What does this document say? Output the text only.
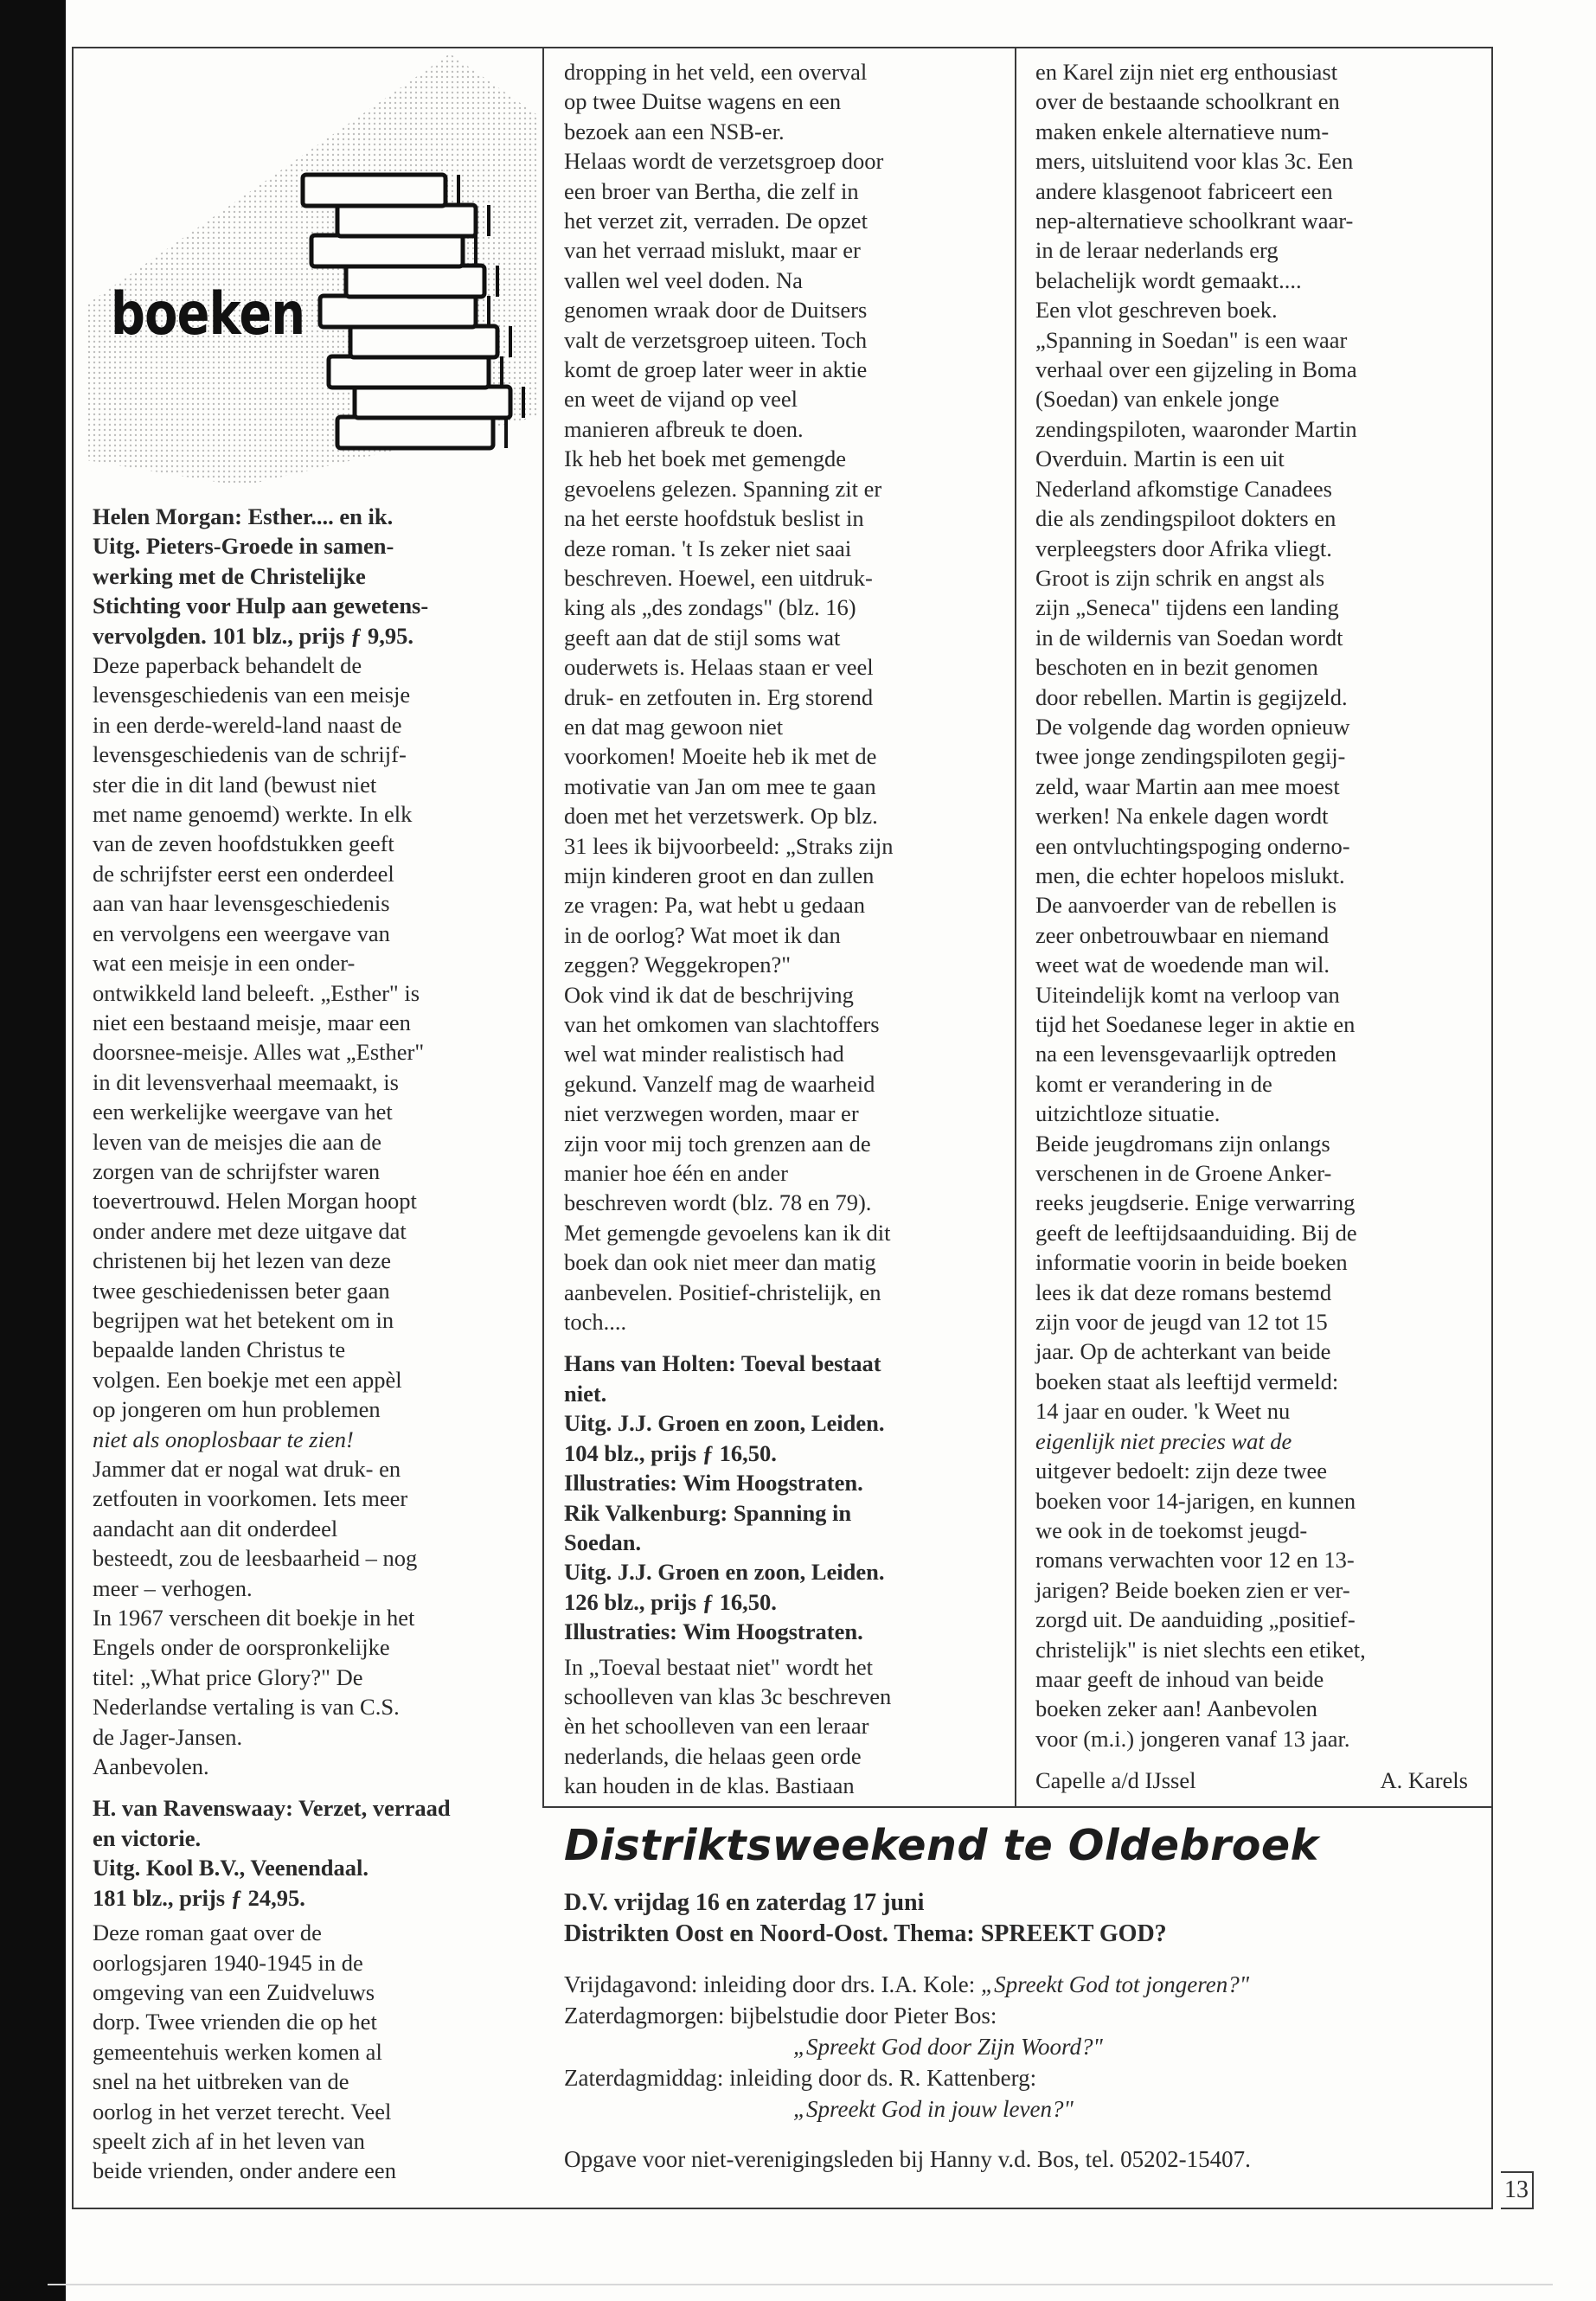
boeken

Helen Morgan: Esther.... en ik.

Uitg. Pieters-Groede in samen-

werking met de Christelijke

Stichting voor Hulp aan gewetens-

vervolgden. 101 blz., prijs ƒ 9,95.

Deze paperback behandelt de

levensgeschiedenis van een meisje

in een derde-wereld-land naast de

levensgeschiedenis van de schrijf-

ster die in dit land (bewust niet

met name genoemd) werkte. In elk

van de zeven hoofdstukken geeft

de schrijfster eerst een onderdeel

aan van haar levensgeschiedenis

en vervolgens een weergave van

wat een meisje in een onder-

ontwikkeld land beleeft. „Esther" is

niet een bestaand meisje, maar een

doorsnee-meisje. Alles wat „Esther"

in dit levensverhaal meemaakt, is

een werkelijke weergave van het

leven van de meisjes die aan de

zorgen van de schrijfster waren

toevertrouwd. Helen Morgan hoopt

onder andere met deze uitgave dat

christenen bij het lezen van deze

twee geschiedenissen beter gaan

begrijpen wat het betekent om in

bepaalde landen Christus te

volgen. Een boekje met een appèl

op jongeren om hun problemen

niet als onoplosbaar te zien!

Jammer dat er nogal wat druk- en

zetfouten in voorkomen. Iets meer

aandacht aan dit onderdeel

besteedt, zou de leesbaarheid – nog

meer – verhogen.

In 1967 verscheen dit boekje in het

Engels onder de oorspronkelijke

titel: „What price Glory?" De

Nederlandse vertaling is van C.S.

de Jager-Jansen.

Aanbevolen.

H. van Ravenswaay: Verzet, verraad

en victorie.

Uitg. Kool B.V., Veenendaal.

181 blz., prijs ƒ 24,95.

Deze roman gaat over de

oorlogsjaren 1940-1945 in de

omgeving van een Zuidveluws

dorp. Twee vrienden die op het

gemeentehuis werken komen al

snel na het uitbreken van de

oorlog in het verzet terecht. Veel

speelt zich af in het leven van

beide vrienden, onder andere een

dropping in het veld, een overval

op twee Duitse wagens en een

bezoek aan een NSB-er.

Helaas wordt de verzetsgroep door

een broer van Bertha, die zelf in

het verzet zit, verraden. De opzet

van het verraad mislukt, maar er

vallen wel veel doden. Na

genomen wraak door de Duitsers

valt de verzetsgroep uiteen. Toch

komt de groep later weer in aktie

en weet de vijand op veel

manieren afbreuk te doen.

Ik heb het boek met gemengde

gevoelens gelezen. Spanning zit er

na het eerste hoofdstuk beslist in

deze roman. 't Is zeker niet saai

beschreven. Hoewel, een uitdruk-

king als „des zondags" (blz. 16)

geeft aan dat de stijl soms wat

ouderwets is. Helaas staan er veel

druk- en zetfouten in. Erg storend

en dat mag gewoon niet

voorkomen! Moeite heb ik met de

motivatie van Jan om mee te gaan

doen met het verzetswerk. Op blz.

31 lees ik bijvoorbeeld: „Straks zijn

mijn kinderen groot en dan zullen

ze vragen: Pa, wat hebt u gedaan

in de oorlog? Wat moet ik dan

zeggen? Weggekropen?"

Ook vind ik dat de beschrijving

van het omkomen van slachtoffers

wel wat minder realistisch had

gekund. Vanzelf mag de waarheid

niet verzwegen worden, maar er

zijn voor mij toch grenzen aan de

manier hoe één en ander

beschreven wordt (blz. 78 en 79).

Met gemengde gevoelens kan ik dit

boek dan ook niet meer dan matig

aanbevelen. Positief-christelijk, en

toch....

Hans van Holten: Toeval bestaat

niet.

Uitg. J.J. Groen en zoon, Leiden.

104 blz., prijs ƒ 16,50.

Illustraties: Wim Hoogstraten.

Rik Valkenburg: Spanning in

Soedan.

Uitg. J.J. Groen en zoon, Leiden.

126 blz., prijs ƒ 16,50.

Illustraties: Wim Hoogstraten.

In „Toeval bestaat niet" wordt het

schoolleven van klas 3c beschreven

èn het schoolleven van een leraar

nederlands, die helaas geen orde

kan houden in de klas. Bastiaan

en Karel zijn niet erg enthousiast

over de bestaande schoolkrant en

maken enkele alternatieve num-

mers, uitsluitend voor klas 3c. Een

andere klasgenoot fabriceert een

nep-alternatieve schoolkrant waar-

in de leraar nederlands erg

belachelijk wordt gemaakt....

Een vlot geschreven boek.

„Spanning in Soedan" is een waar

verhaal over een gijzeling in Boma

(Soedan) van enkele jonge

zendingspiloten, waaronder Martin

Overduin. Martin is een uit

Nederland afkomstige Canadees

die als zendingspiloot dokters en

verpleegsters door Afrika vliegt.

Groot is zijn schrik en angst als

zijn „Seneca" tijdens een landing

in de wildernis van Soedan wordt

beschoten en in bezit genomen

door rebellen. Martin is gegijzeld.

De volgende dag worden opnieuw

twee jonge zendingspiloten gegij-

zeld, waar Martin aan mee moest

werken! Na enkele dagen wordt

een ontvluchtingspoging onderno-

men, die echter hopeloos mislukt.

De aanvoerder van de rebellen is

zeer onbetrouwbaar en niemand

weet wat de woedende man wil.

Uiteindelijk komt na verloop van

tijd het Soedanese leger in aktie en

na een levensgevaarlijk optreden

komt er verandering in de

uitzichtloze situatie.

Beide jeugdromans zijn onlangs

verschenen in de Groene Anker-

reeks jeugdserie. Enige verwarring

geeft de leeftijdsaanduiding. Bij de

informatie voorin in beide boeken

lees ik dat deze romans bestemd

zijn voor de jeugd van 12 tot 15

jaar. Op de achterkant van beide

boeken staat als leeftijd vermeld:

14 jaar en ouder. 'k Weet nu

eigenlijk niet precies wat de

uitgever bedoelt: zijn deze twee

boeken voor 14-jarigen, en kunnen

we ook in de toekomst jeugd-

romans verwachten voor 12 en 13-

jarigen? Beide boeken zien er ver-

zorgd uit. De aanduiding „positief-

christelijk" is niet slechts een etiket,

maar geeft de inhoud van beide

boeken zeker aan! Aanbevolen

voor (m.i.) jongeren vanaf 13 jaar.

Capelle a/d IJssel	A. Karels
Distriktsweekend te Oldebroek
D.V. vrijdag 16 en zaterdag 17 juni
Distrikten Oost en Noord-Oost. Thema: SPREEKT GOD?
Vrijdagavond: inleiding door drs. I.A. Kole: „Spreekt God tot jongeren?"
Zaterdagmorgen: bijbelstudie door Pieter Bos:
„Spreekt God door Zijn Woord?"
Zaterdagmiddag: inleiding door ds. R. Kattenberg:
„Spreekt God in jouw leven?"
Opgave voor niet-verenigingsleden bij Hanny v.d. Bos, tel. 05202-15407.
13
